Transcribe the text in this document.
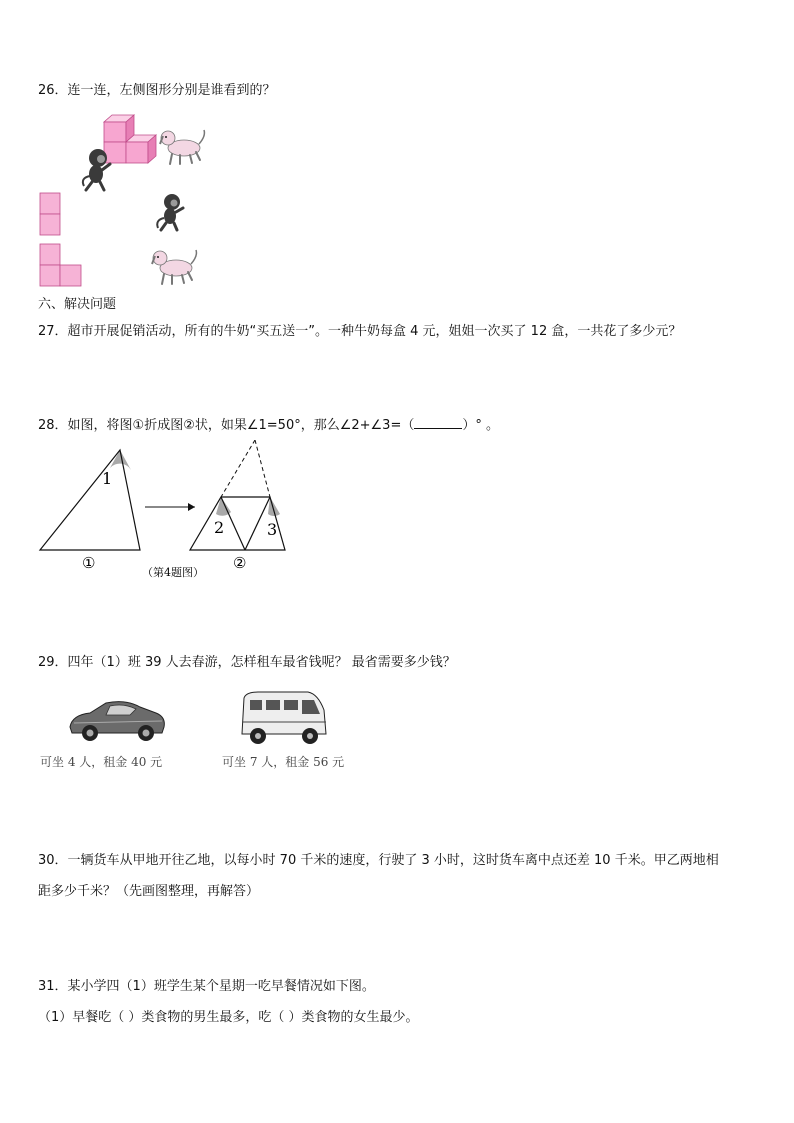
26．连一连，左侧图形分别是谁看到的？
六、解决问题
27．超市开展促销活动，所有的牛奶“买五送一”。一种牛奶每盒 4 元，姐姐一次买了 12 盒，一共花了多少元？
28．如图，将图①折成图②状，如果∠1=50°，那么∠2+∠3=（	）° 。
1
①
2	3
②
（第4题图）
29．四年（1）班 39 人去春游，怎样租车最省钱呢？ 最省需要多少钱？
可坐 4 人，租金 40 元	可坐 7 人，租金 56 元
30．一辆货车从甲地开往乙地，以每小时 70 千米的速度，行驶了 3 小时，这时货车离中点还差 10 千米。甲乙两地相
距多少千米？（先画图整理，再解答）
31．某小学四（1）班学生某个星期一吃早餐情况如下图。
（1）早餐吃（ ）类食物的男生最多，吃（ ）类食物的女生最少。
